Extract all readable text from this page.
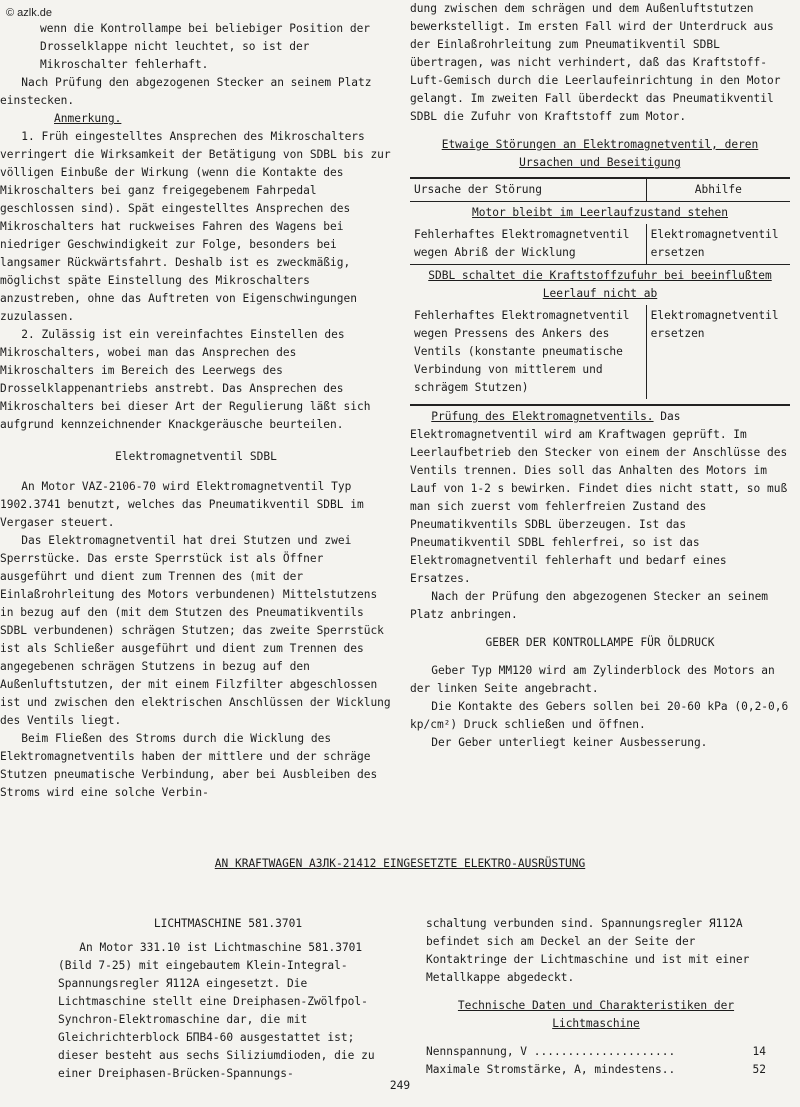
© azlk.de

wenn die Kontrollampe bei beliebiger Position der Drosselklappe nicht leuchtet, so ist der Mikroschalter fehlerhaft.

Nach Prüfung den abgezogenen Stecker an seinem Platz einstecken.

Anmerkung.

1. Früh eingestelltes Ansprechen des Mikroschalters verringert die Wirksamkeit der Betätigung von SDBL bis zur völligen Einbuße der Wirkung (wenn die Kontakte des Mikroschalters bei ganz freigegebenem Fahrpedal geschlossen sind). Spät eingestelltes Ansprechen des Mikroschalters hat ruckweises Fahren des Wagens bei niedriger Geschwindigkeit zur Folge, besonders bei langsamer Rückwärtsfahrt. Deshalb ist es zweckmäßig, möglichst späte Einstellung des Mikroschalters anzustreben, ohne das Auftreten von Eigenschwingungen zuzulassen.

2. Zulässig ist ein vereinfachtes Einstellen des Mikroschalters, wobei man das Ansprechen des Mikroschalters im Bereich des Leerwegs des Drosselklappenantriebs anstrebt. Das Ansprechen des Mikroschalters bei dieser Art der Regulierung läßt sich aufgrund kennzeichnender Knackgeräusche beurteilen.

Elektromagnetventil SDBL

An Motor VAZ-2106-70 wird Elektromagnetventil Typ 1902.3741 benutzt, welches das Pneumatikventil SDBL im Vergaser steuert.

Das Elektromagnetventil hat drei Stutzen und zwei Sperrstücke. Das erste Sperrstück ist als Öffner ausgeführt und dient zum Trennen des (mit der Einlaßrohrleitung des Motors verbundenen) Mittelstutzens in bezug auf den (mit dem Stutzen des Pneumatikventils SDBL verbundenen) schrägen Stutzen; das zweite Sperrstück ist als Schließer ausgeführt und dient zum Trennen des angegebenen schrägen Stutzens in bezug auf den Außenluftstutzen, der mit einem Filzfilter abgeschlossen ist und zwischen den elektrischen Anschlüssen der Wicklung des Ventils liegt.

Beim Fließen des Stroms durch die Wicklung des Elektromagnetventils haben der mittlere und der schräge Stutzen pneumatische Verbindung, aber bei Ausbleiben des Stroms wird eine solche Verbin-

dung zwischen dem schrägen und dem Außenluftstutzen bewerkstelligt. Im ersten Fall wird der Unterdruck aus der Einlaßrohrleitung zum Pneumatikventil SDBL übertragen, was nicht verhindert, daß das Kraftstoff-Luft-Gemisch durch die Leerlaufeinrichtung in den Motor gelangt. Im zweiten Fall überdeckt das Pneumatikventil SDBL die Zufuhr von Kraftstoff zum Motor.

Etwaige Störungen an Elektromagnetventil, deren Ursachen und Beseitigung

Ursache der Störung	Abhilfe
Motor bleibt im Leerlaufzustand stehen	
Fehlerhaftes Elektromagnetventil wegen Abriß der Wicklung	Elektromagnetventil ersetzen
SDBL schaltet die Kraftstoffzufuhr bei beeinflußtem Leerlauf nicht ab	
Fehlerhaftes Elektromagnetventil wegen Pressens des Ankers des Ventils (konstante pneumatische Verbindung von mittlerem und schrägem Stutzen)	Elektromagnetventil ersetzen

Prüfung des Elektromagnetventils. Das Elektromagnetventil wird am Kraftwagen geprüft. Im Leerlaufbetrieb den Stecker von einem der Anschlüsse des Ventils trennen. Dies soll das Anhalten des Motors im Lauf von 1-2 s bewirken. Findet dies nicht statt, so muß man sich zuerst vom fehlerfreien Zustand des Pneumatikventils SDBL überzeugen. Ist das Pneumatikventil SDBL fehlerfrei, so ist das Elektromagnetventil fehlerhaft und bedarf eines Ersatzes.

Nach der Prüfung den abgezogenen Stecker an seinem Platz anbringen.

GEBER DER KONTROLLAMPE FÜR ÖLDRUCK

Geber Typ MM120 wird am Zylinderblock des Motors an der linken Seite angebracht.

Die Kontakte des Gebers sollen bei 20-60 kPa (0,2-0,6 kp/cm²) Druck schließen und öffnen.

Der Geber unterliegt keiner Ausbesserung.

AN KRAFTWAGEN АЗЛК-21412 EINGESETZTE ELEKTRO-AUSRÜSTUNG

LICHTMASCHINE 581.3701

An Motor 331.10 ist Lichtmaschine 581.3701 (Bild 7-25) mit eingebautem Klein-Integral-Spannungsregler Я112А eingesetzt. Die Lichtmaschine stellt eine Dreiphasen-Zwölfpol-Synchron-Elektromaschine dar, die mit Gleichrichterblock БПВ4-60 ausgestattet ist; dieser besteht aus sechs Siliziumdioden, die zu einer Dreiphasen-Brücken-Spannungs-

schaltung verbunden sind. Spannungsregler Я112А befindet sich am Deckel an der Seite der Kontaktringe der Lichtmaschine und ist mit einer Metallkappe abgedeckt.

Technische Daten und Charakteristiken der Lichtmaschine

Nennspannung, V .....................	14
Maximale Stromstärke, A, mindestens..	52
249
